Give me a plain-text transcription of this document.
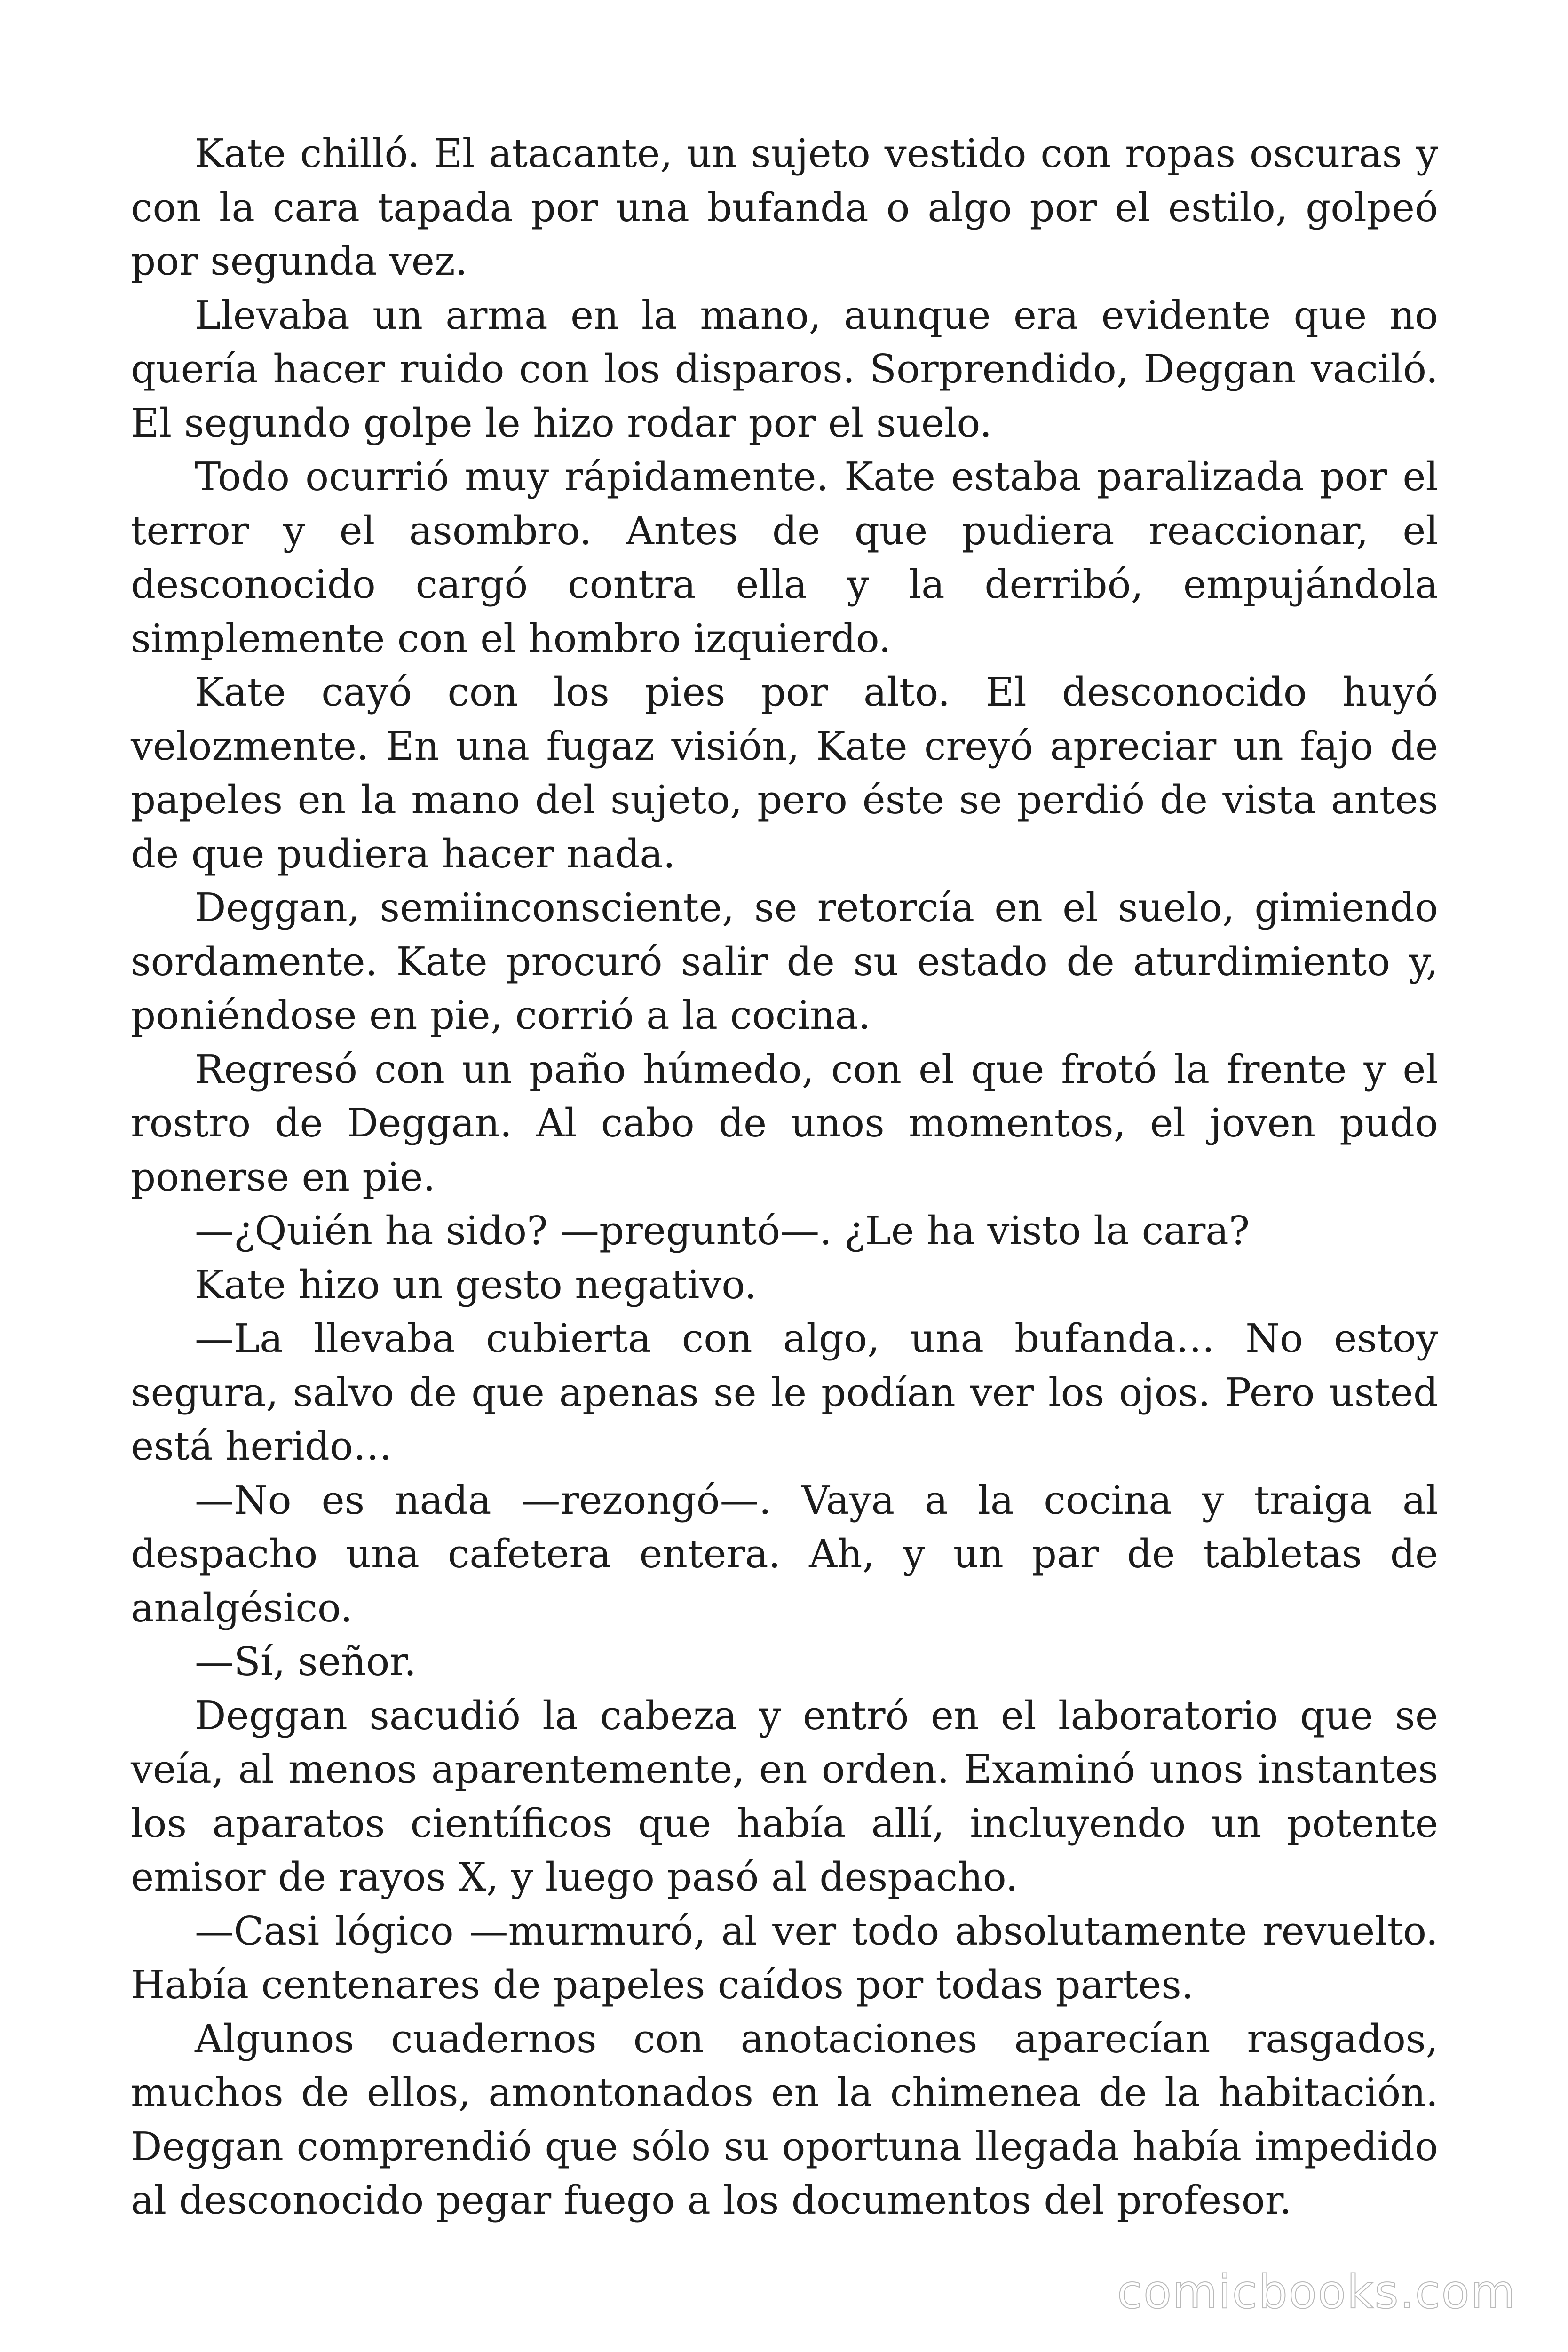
Kate chilló. El atacante, un sujeto vestido con ropas oscuras y con la cara tapada por una bufanda o algo por el estilo, golpeó por segunda vez.

Llevaba un arma en la mano, aunque era evidente que no quería hacer ruido con los disparos. Sorprendido, Deggan vaciló. El segundo golpe le hizo rodar por el suelo.

Todo ocurrió muy rápidamente. Kate estaba paralizada por el terror y el asombro. Antes de que pudiera reaccionar, el desconocido cargó contra ella y la derribó, empujándola simplemente con el hombro izquierdo.

Kate cayó con los pies por alto. El desconocido huyó velozmente. En una fugaz visión, Kate creyó apreciar un fajo de papeles en la mano del sujeto, pero éste se perdió de vista antes de que pudiera hacer nada.

Deggan, semiinconsciente, se retorcía en el suelo, gimiendo sordamente. Kate procuró salir de su estado de aturdimiento y, poniéndose en pie, corrió a la cocina.

Regresó con un paño húmedo, con el que frotó la frente y el rostro de Deggan. Al cabo de unos momentos, el joven pudo ponerse en pie.

—¿Quién ha sido? —preguntó—. ¿Le ha visto la cara?

Kate hizo un gesto negativo.

—La llevaba cubierta con algo, una bufanda… No estoy segura, salvo de que apenas se le podían ver los ojos. Pero usted está herido…

—No es nada —rezongó—. Vaya a la cocina y traiga al despacho una cafetera entera. Ah, y un par de tabletas de analgésico.

—Sí, señor.

Deggan sacudió la cabeza y entró en el laboratorio que se veía, al menos aparentemente, en orden. Examinó unos instantes los aparatos científicos que había allí, incluyendo un potente emisor de rayos X, y luego pasó al despacho.

—Casi lógico —murmuró, al ver todo absolutamente revuelto. Había centenares de papeles caídos por todas partes.

Algunos cuadernos con anotaciones aparecían rasgados, muchos de ellos, amontonados en la chimenea de la habitación. Deggan comprendió que sólo su oportuna llegada había impedido al desconocido pegar fuego a los documentos del profesor.

comicbooks.com
